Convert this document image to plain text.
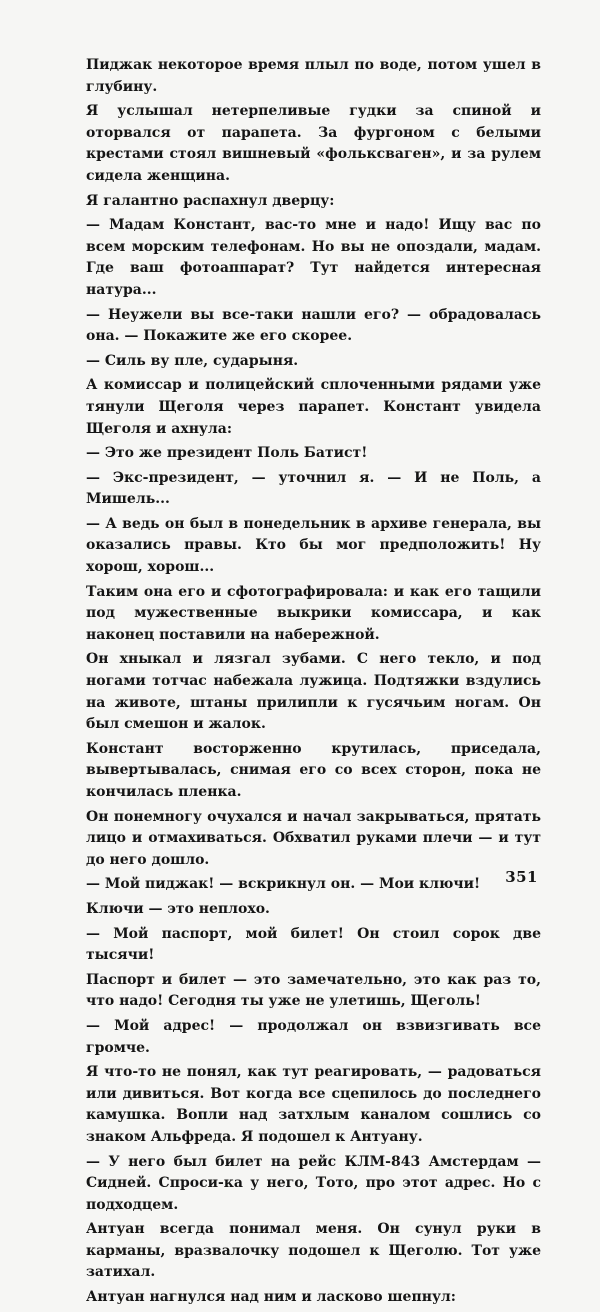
Пиджак некоторое время плыл по воде, потом ушел в глубину.

Я услышал нетерпеливые гудки за спиной и оторвался от парапета. За фургоном с белыми крестами стоял вишневый «фольксваген», и за рулем сидела женщина.

Я галантно распахнул дверцу:

— Мадам Констант, вас-то мне и надо! Ищу вас по всем морским телефонам. Но вы не опоздали, мадам. Где ваш фотоаппарат? Тут найдется интересная натура...

— Неужели вы все-таки нашли его? — обрадовалась она. — Покажите же его скорее.

— Силь ву пле, сударыня.

А комиссар и полицейский сплоченными рядами уже тянули Щеголя через парапет. Констант увидела Щеголя и ахнула:

— Это же президент Поль Батист!

— Экс-президент, — уточнил я. — И не Поль, а Мишель...

— А ведь он был в понедельник в архиве генерала, вы оказались правы. Кто бы мог предположить! Ну хорош, хорош...

Таким она его и сфотографировала: и как его тащили под мужественные выкрики комиссара, и как наконец поставили на набережной.

Он хныкал и лязгал зубами. С него текло, и под ногами тотчас набежала лужица. Подтяжки вздулись на животе, штаны прилипли к гусячьим ногам. Он был смешон и жалок.

Констант восторженно крутилась, приседала, вывертывалась, снимая его со всех сторон, пока не кончилась пленка.

Он понемногу очухался и начал закрываться, прятать лицо и отмахиваться. Обхватил руками плечи — и тут до него дошло.

— Мой пиджак! — вскрикнул он. — Мои ключи!

Ключи — это неплохо.

— Мой паспорт, мой билет! Он стоил сорок две тысячи!

Паспорт и билет — это замечательно, это как раз то, что надо! Сегодня ты уже не улетишь, Щеголь!

— Мой адрес! — продолжал он взвизгивать все громче.

Я что-то не понял, как тут реагировать, — радоваться или дивиться. Вот когда все сцепилось до последнего камушка. Вопли над затхлым каналом сошлись со знаком Альфреда. Я подошел к Антуану.

— У него был билет на рейс КЛМ-843 Амстердам — Сидней. Спроси-ка у него, Тото, про этот адрес. Но с подходцем.

Антуан всегда понимал меня. Он сунул руки в карманы, вразвалочку подошел к Щеголю. Тот уже затихал.

Антуан нагнулся над ним и ласково шепнул:

351
